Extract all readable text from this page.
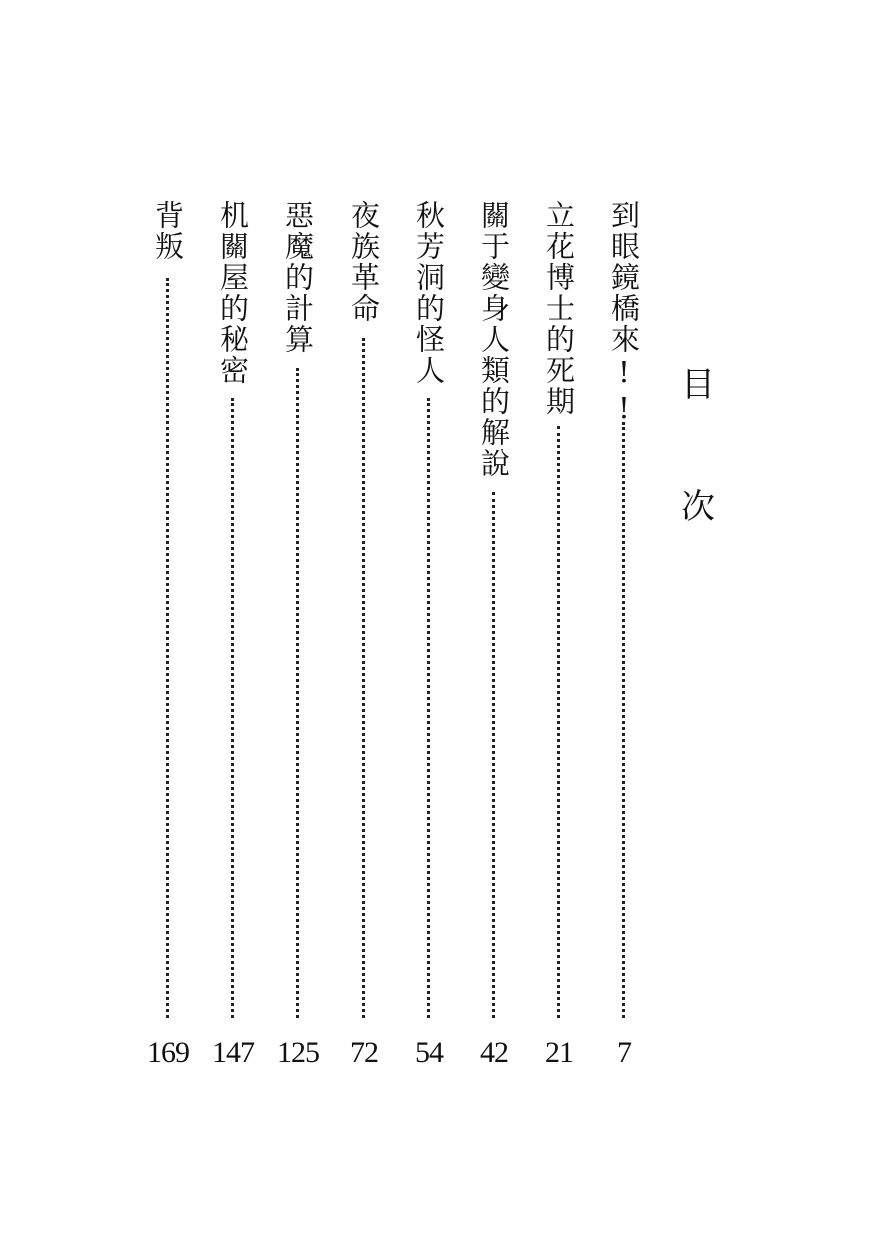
目
次
到眼鏡橋來!!
7
立花博士的死期
21
關于變身人類的解說
42
秋芳洞的怪人
54
夜族革命
72
惡魔的計算
125
机關屋的秘密
147
背叛
169
